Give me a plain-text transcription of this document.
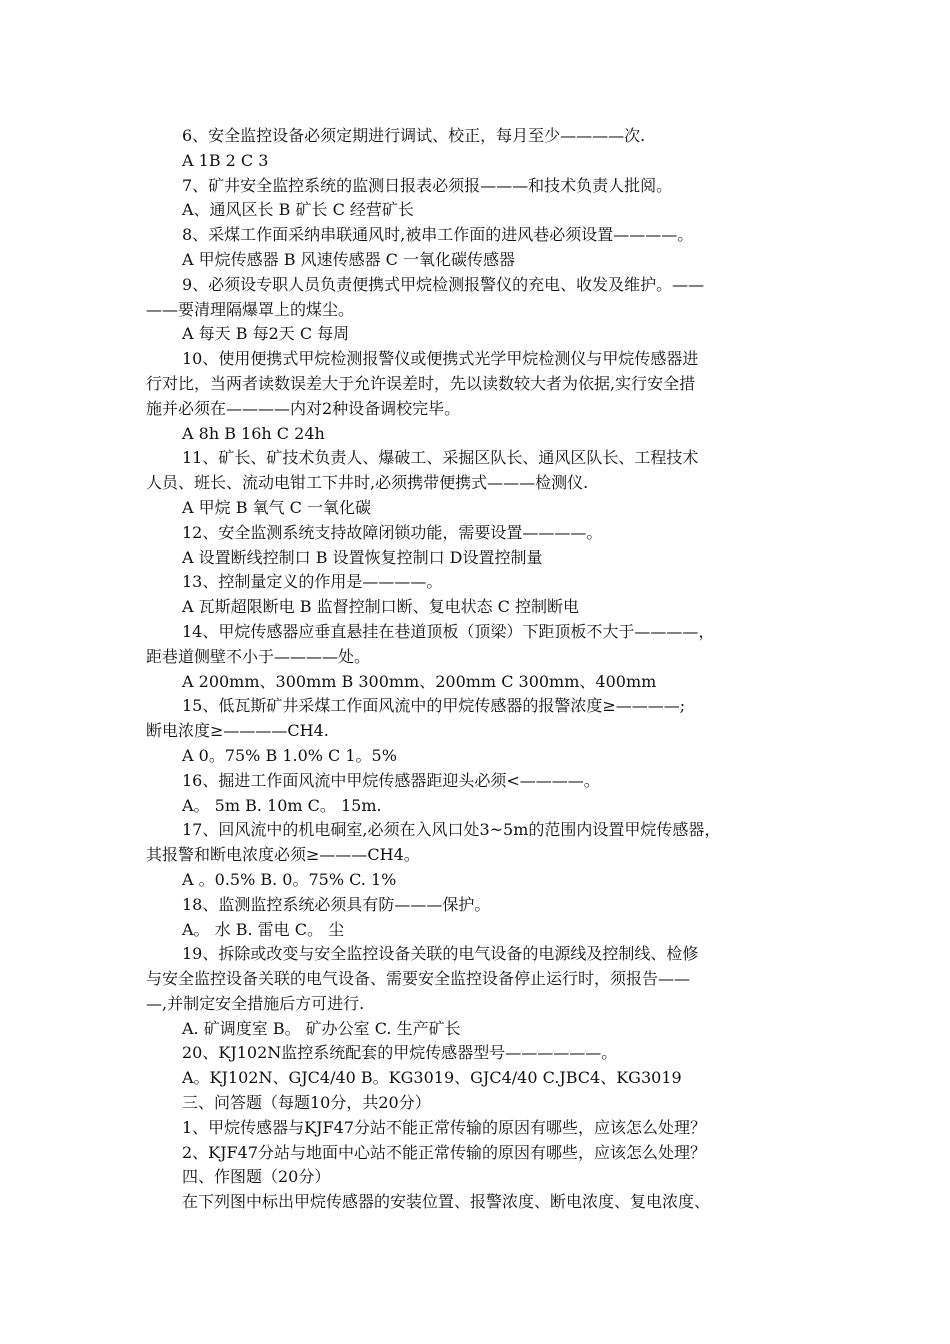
6、安全监控设备必须定期进行调试、校正，每月至少————次.
A 1B 2 C 3
7、矿井安全监控系统的监测日报表必须报———和技术负责人批阅。
A、通风区长 B 矿长 C 经营矿长
8、采煤工作面采纳串联通风时,被串工作面的进风巷必须设置————。
A 甲烷传感器 B 风速传感器 C 一氧化碳传感器
9、必须设专职人员负责便携式甲烷检测报警仪的充电、收发及维护。——
——要清理隔爆罩上的煤尘。
A 每天 B 每2天 C 每周
10、使用便携式甲烷检测报警仪或便携式光学甲烷检测仪与甲烷传感器进
行对比，当两者读数误差大于允许误差时，先以读数较大者为依据,实行安全措
施并必须在————内对2种设备调校完毕。
A 8h B 16h C 24h
11、矿长、矿技术负责人、爆破工、采掘区队长、通风区队长、工程技术
人员、班长、流动电钳工下井时,必须携带便携式———检测仪.
A 甲烷 B 氧气 C 一氧化碳
12、安全监测系统支持故障闭锁功能，需要设置————。
A 设置断线控制口 B 设置恢复控制口 D设置控制量
13、控制量定义的作用是————。
A 瓦斯超限断电 B 监督控制口断、复电状态 C 控制断电
14、甲烷传感器应垂直悬挂在巷道顶板（顶梁）下距顶板不大于————，
距巷道侧壁不小于————处。
A 200mm、300mm B 300mm、200mm C 300mm、400mm
15、低瓦斯矿井采煤工作面风流中的甲烷传感器的报警浓度≥————;
断电浓度≥————CH4.
A 0。75% B 1.0% C 1。5%
16、掘进工作面风流中甲烷传感器距迎头必须<————。
A。 5m B. 10m C。 15m.
17、回风流中的机电硐室,必须在入风口处3~5m的范围内设置甲烷传感器，
其报警和断电浓度必须≥———CH4。
A 。0.5% B. 0。75% C. 1%
18、监测监控系统必须具有防———保护。
A。 水 B. 雷电 C。 尘
19、拆除或改变与安全监控设备关联的电气设备的电源线及控制线、检修
与安全监控设备关联的电气设备、需要安全监控设备停止运行时，须报告——
—,并制定安全措施后方可进行.
A. 矿调度室 B。 矿办公室 C. 生产矿长
20、KJ102N监控系统配套的甲烷传感器型号——————。
A。KJ102N、GJC4/40 B。KG3019、GJC4/40 C.JBC4、KG3019
三、问答题（每题10分，共20分）
1、甲烷传感器与KJF47分站不能正常传输的原因有哪些，应该怎么处理？
2、KJF47分站与地面中心站不能正常传输的原因有哪些，应该怎么处理？
四、作图题（20分）
在下列图中标出甲烷传感器的安装位置、报警浓度、断电浓度、复电浓度、
